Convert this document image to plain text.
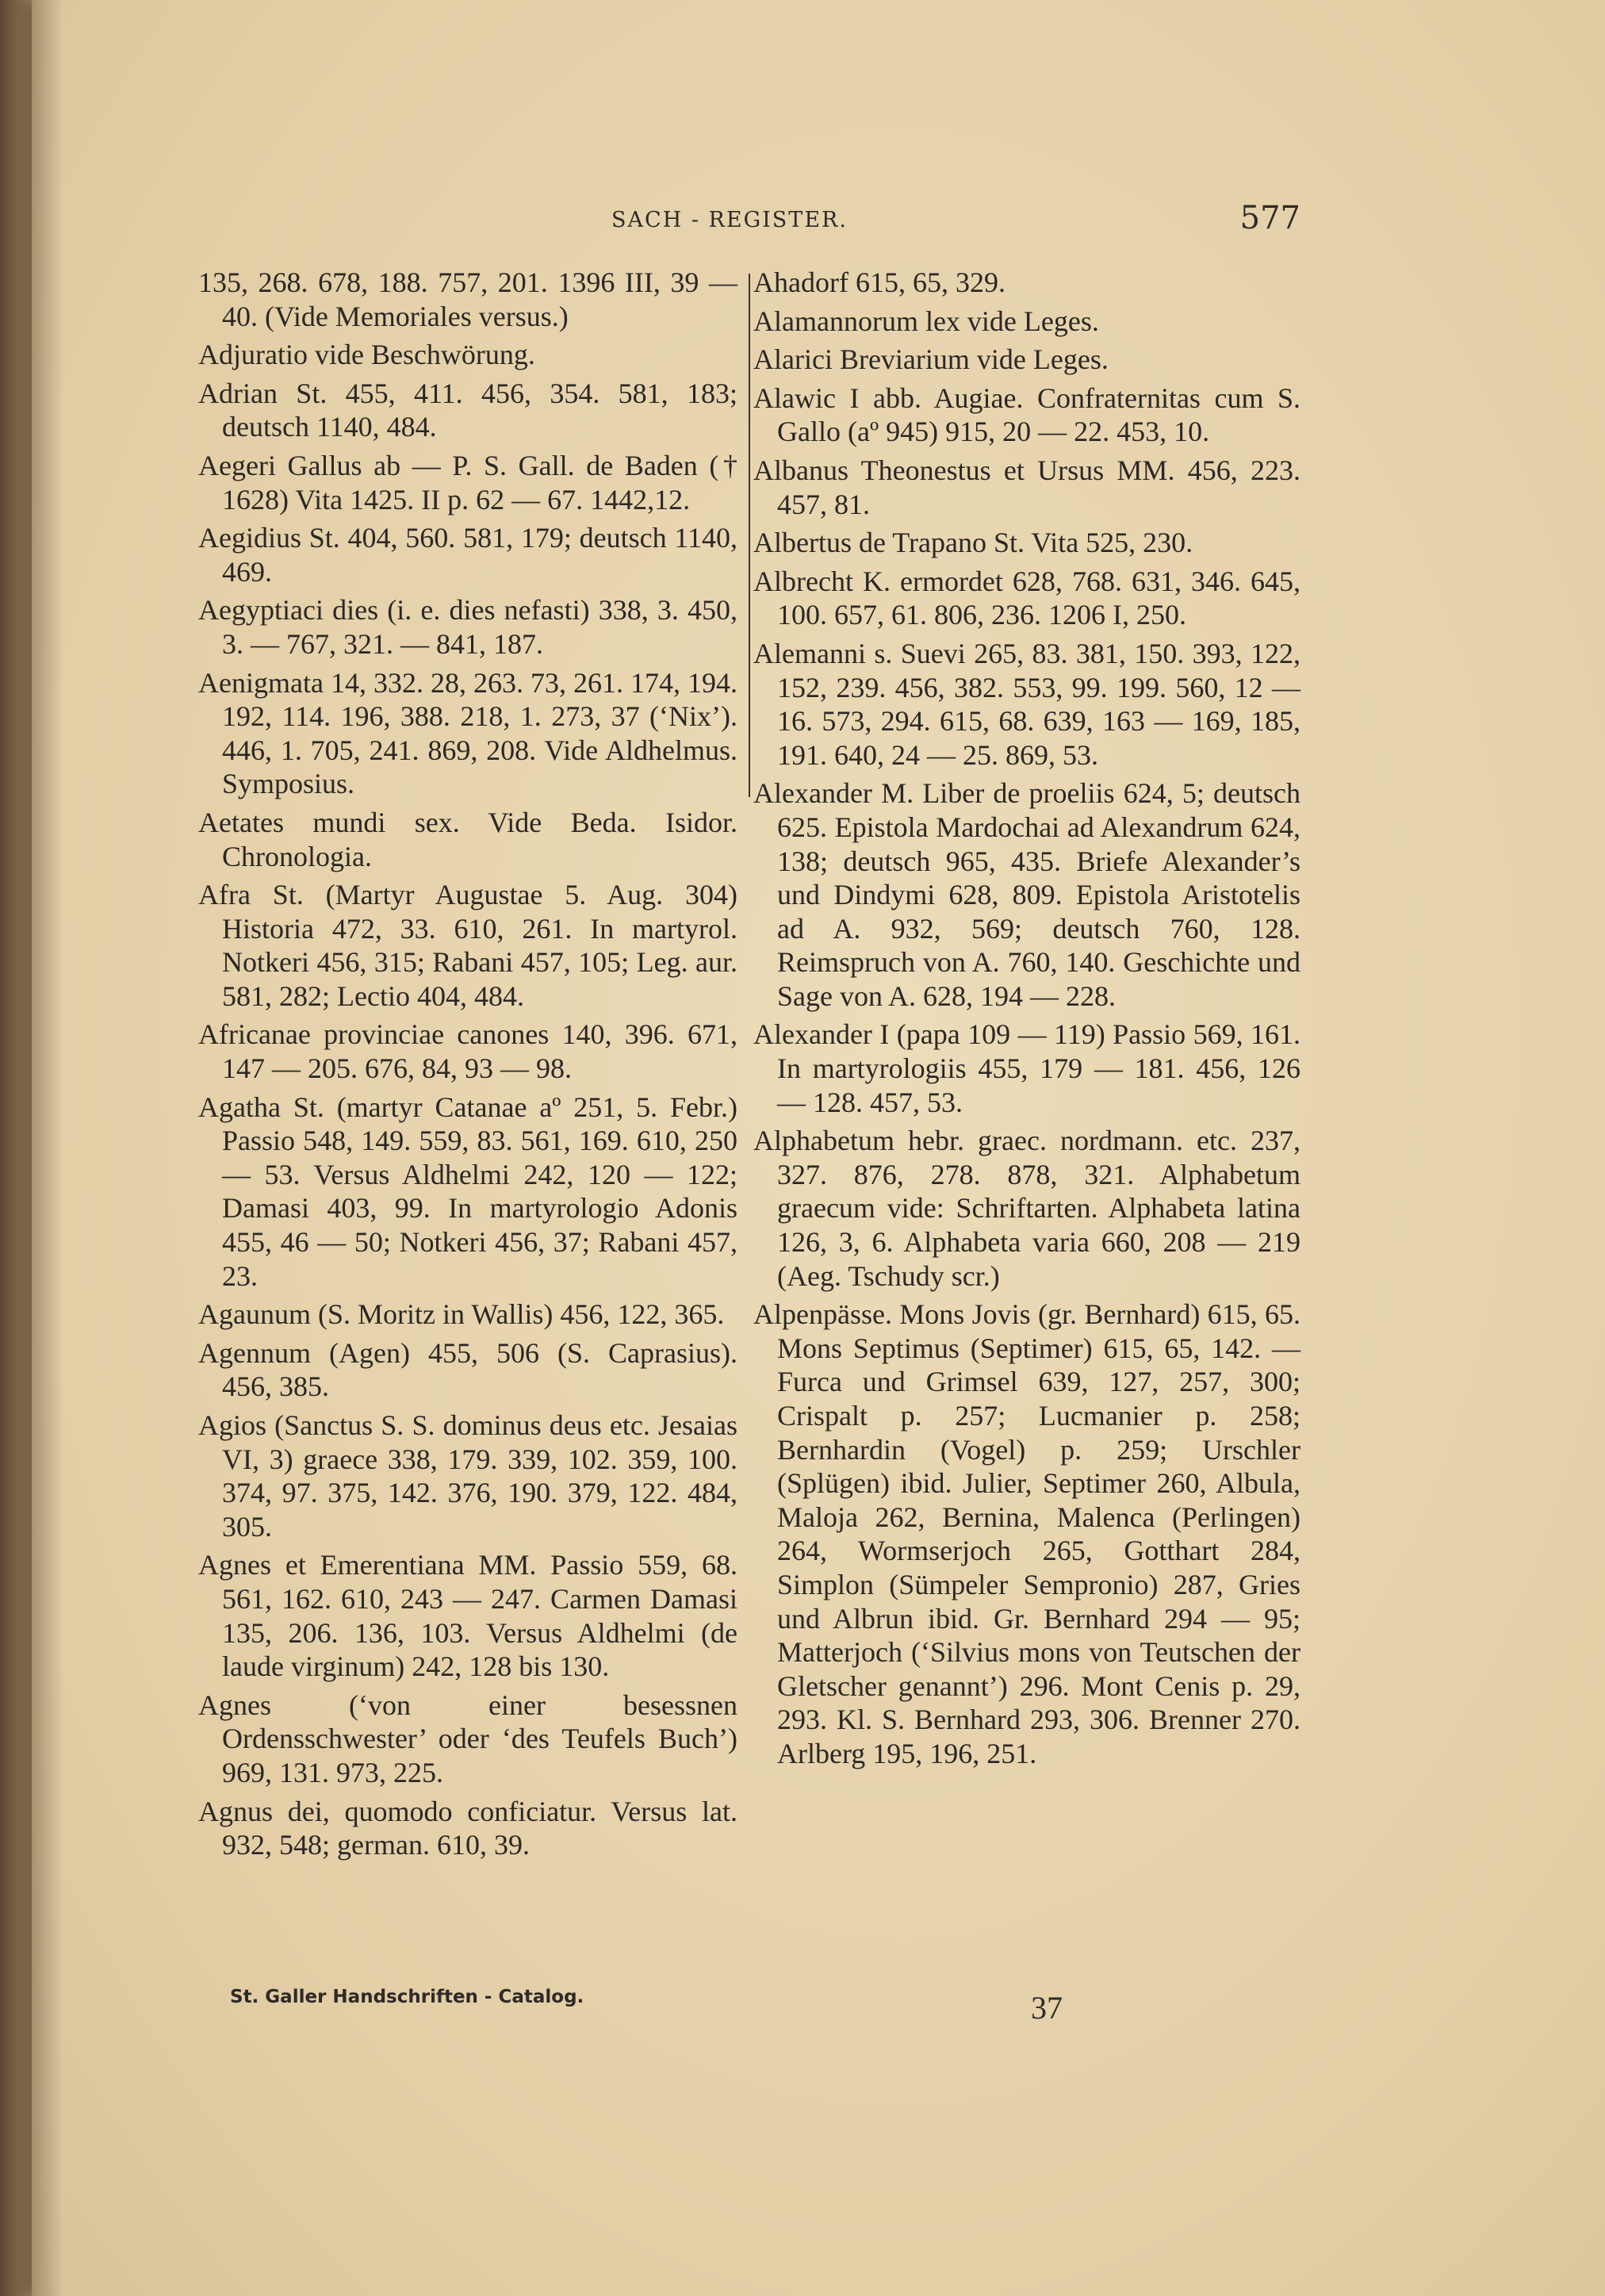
SACH - REGISTER.	577

135, 268. 678, 188. 757, 201. 1396 III, 39 — 40. (Vide Memoriales versus.)

Adjuratio vide Beschwörung.

Adrian St. 455, 411. 456, 354. 581, 183; deutsch 1140, 484.

Aegeri Gallus ab — P. S. Gall. de Baden († 1628) Vita 1425. II p. 62 — 67. 1442,12.

Aegidius St. 404, 560. 581, 179; deutsch 1140, 469.

Aegyptiaci dies (i. e. dies nefasti) 338, 3. 450, 3. — 767, 321. — 841, 187.

Aenigmata 14, 332. 28, 263. 73, 261. 174, 194. 192, 114. 196, 388. 218, 1. 273, 37 (‘Nix’). 446, 1. 705, 241. 869, 208. Vide Aldhelmus. Symposius.

Aetates mundi sex. Vide Beda. Isidor. Chronologia.

Afra St. (Martyr Augustae 5. Aug. 304) Historia 472, 33. 610, 261. In martyrol. Notkeri 456, 315; Rabani 457, 105; Leg. aur. 581, 282; Lectio 404, 484.

Africanae provinciae canones 140, 396. 671, 147 — 205. 676, 84, 93 — 98.

Agatha St. (martyr Catanae aº 251, 5. Febr.) Passio 548, 149. 559, 83. 561, 169. 610, 250 — 53. Versus Aldhelmi 242, 120 — 122; Damasi 403, 99. In martyrologio Adonis 455, 46 — 50; Notkeri 456, 37; Rabani 457, 23.

Agaunum (S. Moritz in Wallis) 456, 122, 365.

Agennum (Agen) 455, 506 (S. Caprasius). 456, 385.

Agios (Sanctus S. S. dominus deus etc. Jesaias VI, 3) graece 338, 179. 339, 102. 359, 100. 374, 97. 375, 142. 376, 190. 379, 122. 484, 305.

Agnes et Emerentiana MM. Passio 559, 68. 561, 162. 610, 243 — 247. Carmen Damasi 135, 206. 136, 103. Versus Aldhelmi (de laude virginum) 242, 128 bis 130.

Agnes (‘von einer besessnen Ordensschwester’ oder ‘des Teufels Buch’) 969, 131. 973, 225.

Agnus dei, quomodo conficiatur. Versus lat. 932, 548; german. 610, 39.

Ahadorf 615, 65, 329.

Alamannorum lex vide Leges.

Alarici Breviarium vide Leges.

Alawic I abb. Augiae. Confraternitas cum S. Gallo (aº 945) 915, 20 — 22. 453, 10.

Albanus Theonestus et Ursus MM. 456, 223. 457, 81.

Albertus de Trapano St. Vita 525, 230.

Albrecht K. ermordet 628, 768. 631, 346. 645, 100. 657, 61. 806, 236. 1206 I, 250.

Alemanni s. Suevi 265, 83. 381, 150. 393, 122, 152, 239. 456, 382. 553, 99. 199. 560, 12 — 16. 573, 294. 615, 68. 639, 163 — 169, 185, 191. 640, 24 — 25. 869, 53.

Alexander M. Liber de proeliis 624, 5; deutsch 625. Epistola Mardochai ad Alexandrum 624, 138; deutsch 965, 435. Briefe Alexander’s und Dindymi 628, 809. Epistola Aristotelis ad A. 932, 569; deutsch 760, 128. Reimspruch von A. 760, 140. Geschichte und Sage von A. 628, 194 — 228.

Alexander I (papa 109 — 119) Passio 569, 161. In martyrologiis 455, 179 — 181. 456, 126 — 128. 457, 53.

Alphabetum hebr. graec. nordmann. etc. 237, 327. 876, 278. 878, 321. Alphabetum graecum vide: Schriftarten. Alphabeta latina 126, 3, 6. Alphabeta varia 660, 208 — 219 (Aeg. Tschudy scr.)

Alpenpässe. Mons Jovis (gr. Bernhard) 615, 65. Mons Septimus (Septimer) 615, 65, 142. — Furca und Grimsel 639, 127, 257, 300; Crispalt p. 257; Lucmanier p. 258; Bernhardin (Vogel) p. 259; Urschler (Splügen) ibid. Julier, Septimer 260, Albula, Maloja 262, Bernina, Malenca (Perlingen) 264, Wormserjoch 265, Gotthart 284, Simplon (Sümpeler Sempronio) 287, Gries und Albrun ibid. Gr. Bernhard 294 — 95; Matterjoch (‘Silvius mons von Teutschen der Gletscher genannt’) 296. Mont Cenis p. 29, 293. Kl. S. Bernhard 293, 306. Brenner 270. Arlberg 195, 196, 251.

St. Galler Handschriften - Catalog.	37
